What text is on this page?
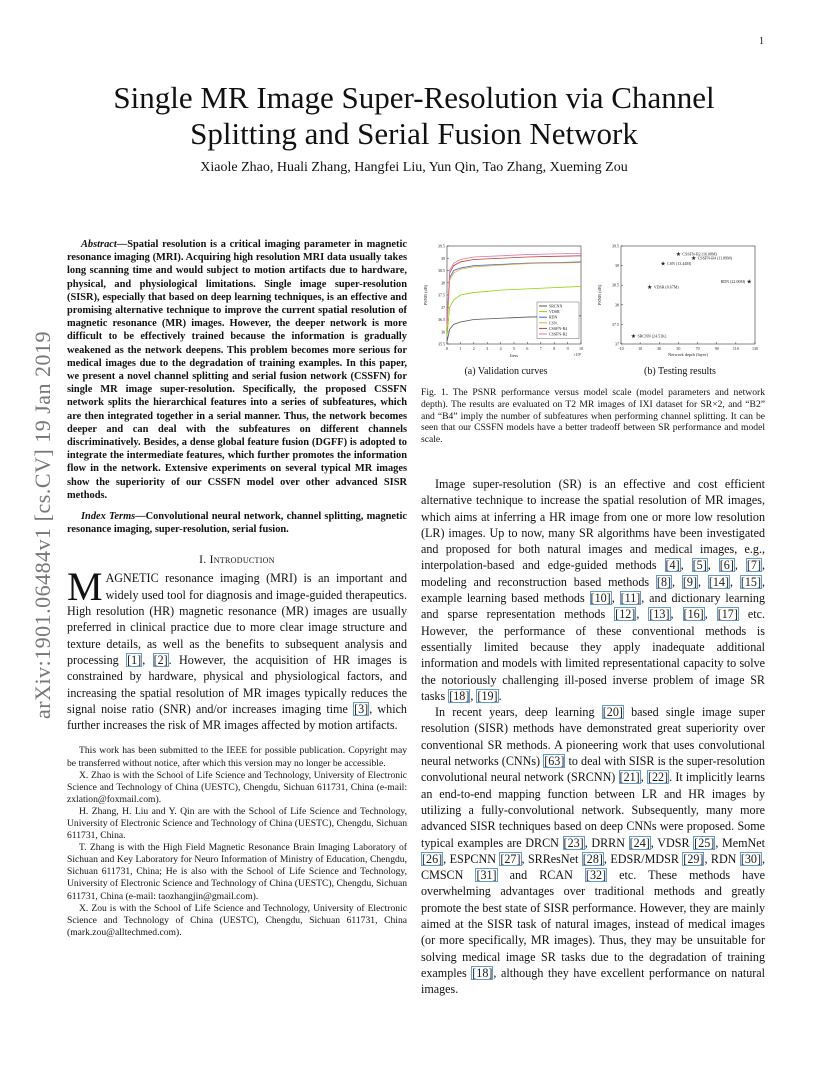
1
arXiv:1901.06484v1 [cs.CV] 19 Jan 2019
Single MR Image Super-Resolution via Channel
Splitting and Serial Fusion Network
Xiaole Zhao, Huali Zhang, Hangfei Liu, Yun Qin, Tao Zhang, Xueming Zou

Abstract—Spatial resolution is a critical imaging parameter in magnetic resonance imaging (MRI). Acquiring high resolution MRI data usually takes long scanning time and would subject to motion artifacts due to hardware, physical, and physiological limitations. Single image super-resolution (SISR), especially that based on deep learning techniques, is an effective and promising alternative technique to improve the current spatial resolution of magnetic resonance (MR) images. However, the deeper network is more difficult to be effectively trained because the information is gradually weakened as the network deepens. This problem becomes more serious for medical images due to the degradation of training examples. In this paper, we present a novel channel splitting and serial fusion network (CSSFN) for single MR image super-resolution. Specifically, the proposed CSSFN network splits the hierarchical features into a series of subfeatures, which are then integrated together in a serial manner. Thus, the network becomes deeper and can deal with the subfeatures on different channels discriminatively. Besides, a dense global feature fusion (DGFF) is adopted to integrate the intermediate features, which further promotes the information flow in the network. Extensive experiments on several typical MR images show the superiority of our CSSFN model over other advanced SISR methods.

Index Terms—Convolutional neural network, channel splitting, magnetic resonance imaging, super-resolution, serial fusion.

I. Introduction

MAGNETIC resonance imaging (MRI) is an important and widely used tool for diagnosis and image-guided therapeutics. High resolution (HR) magnetic resonance (MR) images are usually preferred in clinical practice due to more clear image structure and texture details, as well as the benefits to subsequent analysis and processing [1], [2]. However, the acquisition of HR images is constrained by hardware, physical and physiological factors, and increasing the spatial resolution of MR images typically reduces the signal noise ratio (SNR) and/or increases imaging time [3], which further increases the risk of MR images affected by motion artifacts.

This work has been submitted to the IEEE for possible publication. Copyright may be transferred without notice, after which this version may no longer be accessible.

X. Zhao is with the School of Life Science and Technology, University of Electronic Science and Technology of China (UESTC), Chengdu, Sichuan 611731, China (e-mail: zxlation@foxmail.com).

H. Zhang, H. Liu and Y. Qin are with the School of Life Science and Technology, University of Electronic Science and Technology of China (UESTC), Chengdu, Sichuan 611731, China.

T. Zhang is with the High Field Magnetic Resonance Brain Imaging Laboratory of Sichuan and Key Laboratory for Neuro Information of Ministry of Education, Chengdu, Sichuan 611731, China; He is also with the School of Life Science and Technology, University of Electronic Science and Technology of China (UESTC), Chengdu, Sichuan 611731, China (e-mail: taozhangjin@gmail.com).

X. Zou is with the School of Life Science and Technology, University of Electronic Science and Technology of China (UESTC), Chengdu, Sichuan 611731, China (mark.zou@alltechmed.com).

35.5
36
36.5
37
37.5
38
38.5
39
39.5
0	1	2	3	4	5	6	7	8	9	10
Iters	×10⁵
PSNR (dB)
SRCNN
VDSR
RDN
CSN
CSSFN-B4
CSSFN-B2
(a) Validation curves
37
37.5
38
38.5
39
39.5
-10	10	30	50	70	90	110	130
Network depth (layer)
PSNR (dB)
★ CSSFN-B2 (16.08M)
★ CSSFN-B4 (11.89M)
★ CSN (13.44M)
★
RDN (22.00M)
★ VDSR (0.67M)
★ SRCNN (24.51K)
(b) Testing results

Fig. 1. The PSNR performance versus model scale (model parameters and network depth). The results are evaluated on T2 MR images of IXI dataset for SR×2, and “B2” and “B4” imply the number of subfeatures when performing channel splitting. It can be seen that our CSSFN models have a better tradeoff between SR performance and model scale.

Image super-resolution (SR) is an effective and cost efficient alternative technique to increase the spatial resolution of MR images, which aims at inferring a HR image from one or more low resolution (LR) images. Up to now, many SR algorithms have been investigated and proposed for both natural images and medical images, e.g., interpolation-based and edge-guided methods [4], [5], [6], [7], modeling and reconstruction based methods [8], [9], [14], [15], example learning based methods [10], [11], and dictionary learning and sparse representation methods [12], [13], [16], [17] etc. However, the performance of these conventional methods is essentially limited because they apply inadequate additional information and models with limited representational capacity to solve the notoriously challenging ill-posed inverse problem of image SR tasks [18], [19].

In recent years, deep learning [20] based single image super resolution (SISR) methods have demonstrated great superiority over conventional SR methods. A pioneering work that uses convolutional neural networks (CNNs) [63] to deal with SISR is the super-resolution convolutional neural network (SRCNN) [21], [22]. It implicitly learns an end-to-end mapping function between LR and HR images by utilizing a fully-convolutional network. Subsequently, many more advanced SISR techniques based on deep CNNs were proposed. Some typical examples are DRCN [23], DRRN [24], VDSR [25], MemNet [26], ESPCNN [27], SRResNet [28], EDSR/MDSR [29], RDN [30], CMSCN [31] and RCAN [32] etc. These methods have overwhelming advantages over traditional methods and greatly promote the best state of SISR performance. However, they are mainly aimed at the SISR task of natural images, instead of medical images (or more specifically, MR images). Thus, they may be unsuitable for solving medical image SR tasks due to the degradation of training examples [18], although they have excellent performance on natural images.
